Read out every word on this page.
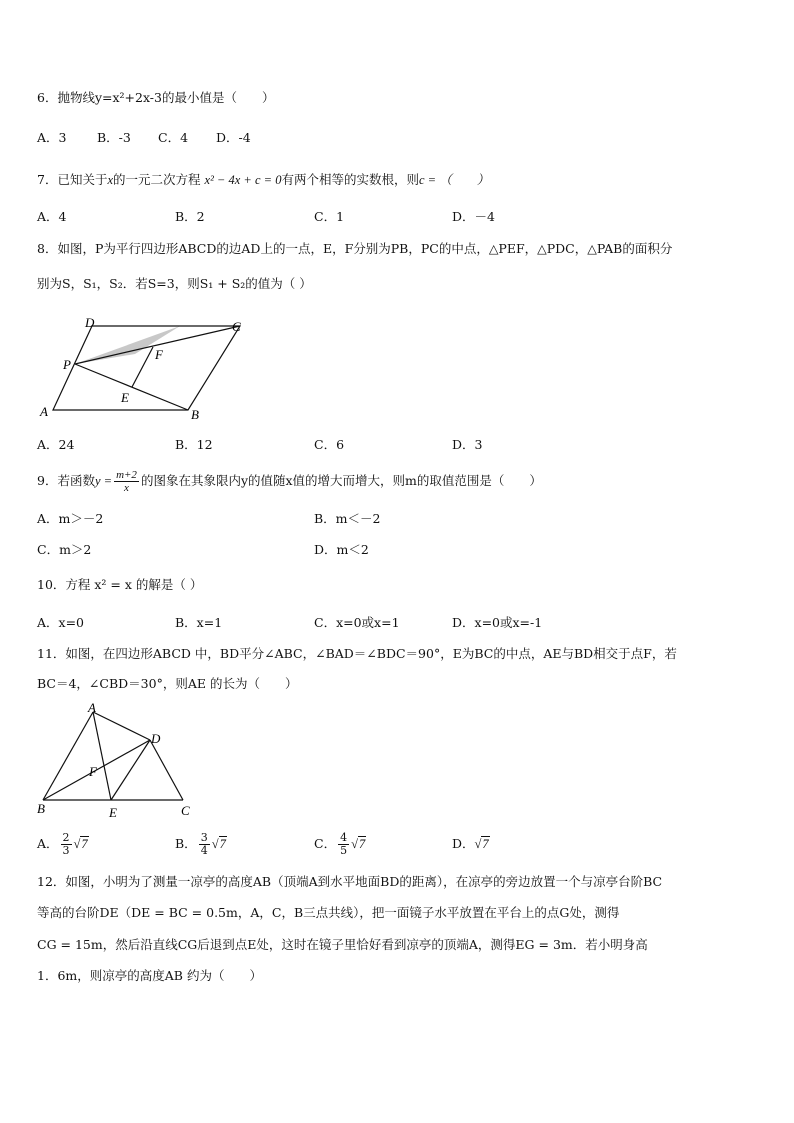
6．抛物线y=x²+2x-3的最小值是（　　）
A．3 B．-3 C．4 D．-4
7．已知关于x的一元二次方程 x² − 4x + c = 0有两个相等的实数根，则c = （　　）
A．4	B．2	C．1	D．－4
8．如图，P为平行四边形ABCD的边AD上的一点，E，F分别为PB，PC的中点，△PEF，△PDC，△PAB的面积分
别为S，S₁，S₂．若S=3，则S₁ + S₂的值为（ ）
D	C
P
F
E
A	B
A．24	B．12	C．6	D．3
9．若函数$y = \frac{m+2}{x}$ 的图象在其象限内y的值随x值的增大而增大，则m的取值范围是（　　）
A．m＞－2	B．m＜－2
C．m＞2	D．m＜2
10．方程 x² = x 的解是（ ）
A．x=0	B．x=1	C．x=0或x=1	D．x=0或x=-1
11．如图，在四边形ABCD 中，BD平分∠ABC，∠BAD＝∠BDC＝90°，E为BC的中点，AE与BD相交于点F，若
BC＝4，∠CBD＝30°，则AE 的长为（　　）
A
D
F
B	E	C
A． $\frac{2}{3} √7$	B． $\frac{3}{4} √7$	C． $\frac{4}{5} √7$	D．√7
12．如图，小明为了测量一凉亭的高度AB（顶端A到水平地面BD的距离），在凉亭的旁边放置一个与凉亭台阶BC
等高的台阶DE（DE = BC = 0.5m，A，C，B三点共线），把一面镜子水平放置在平台上的点G处，测得
CG = 15m，然后沿直线CG后退到点E处，这时在镜子里恰好看到凉亭的顶端A，测得EG = 3m．若小明身高
1．6m，则凉亭的高度AB 约为（　　）
